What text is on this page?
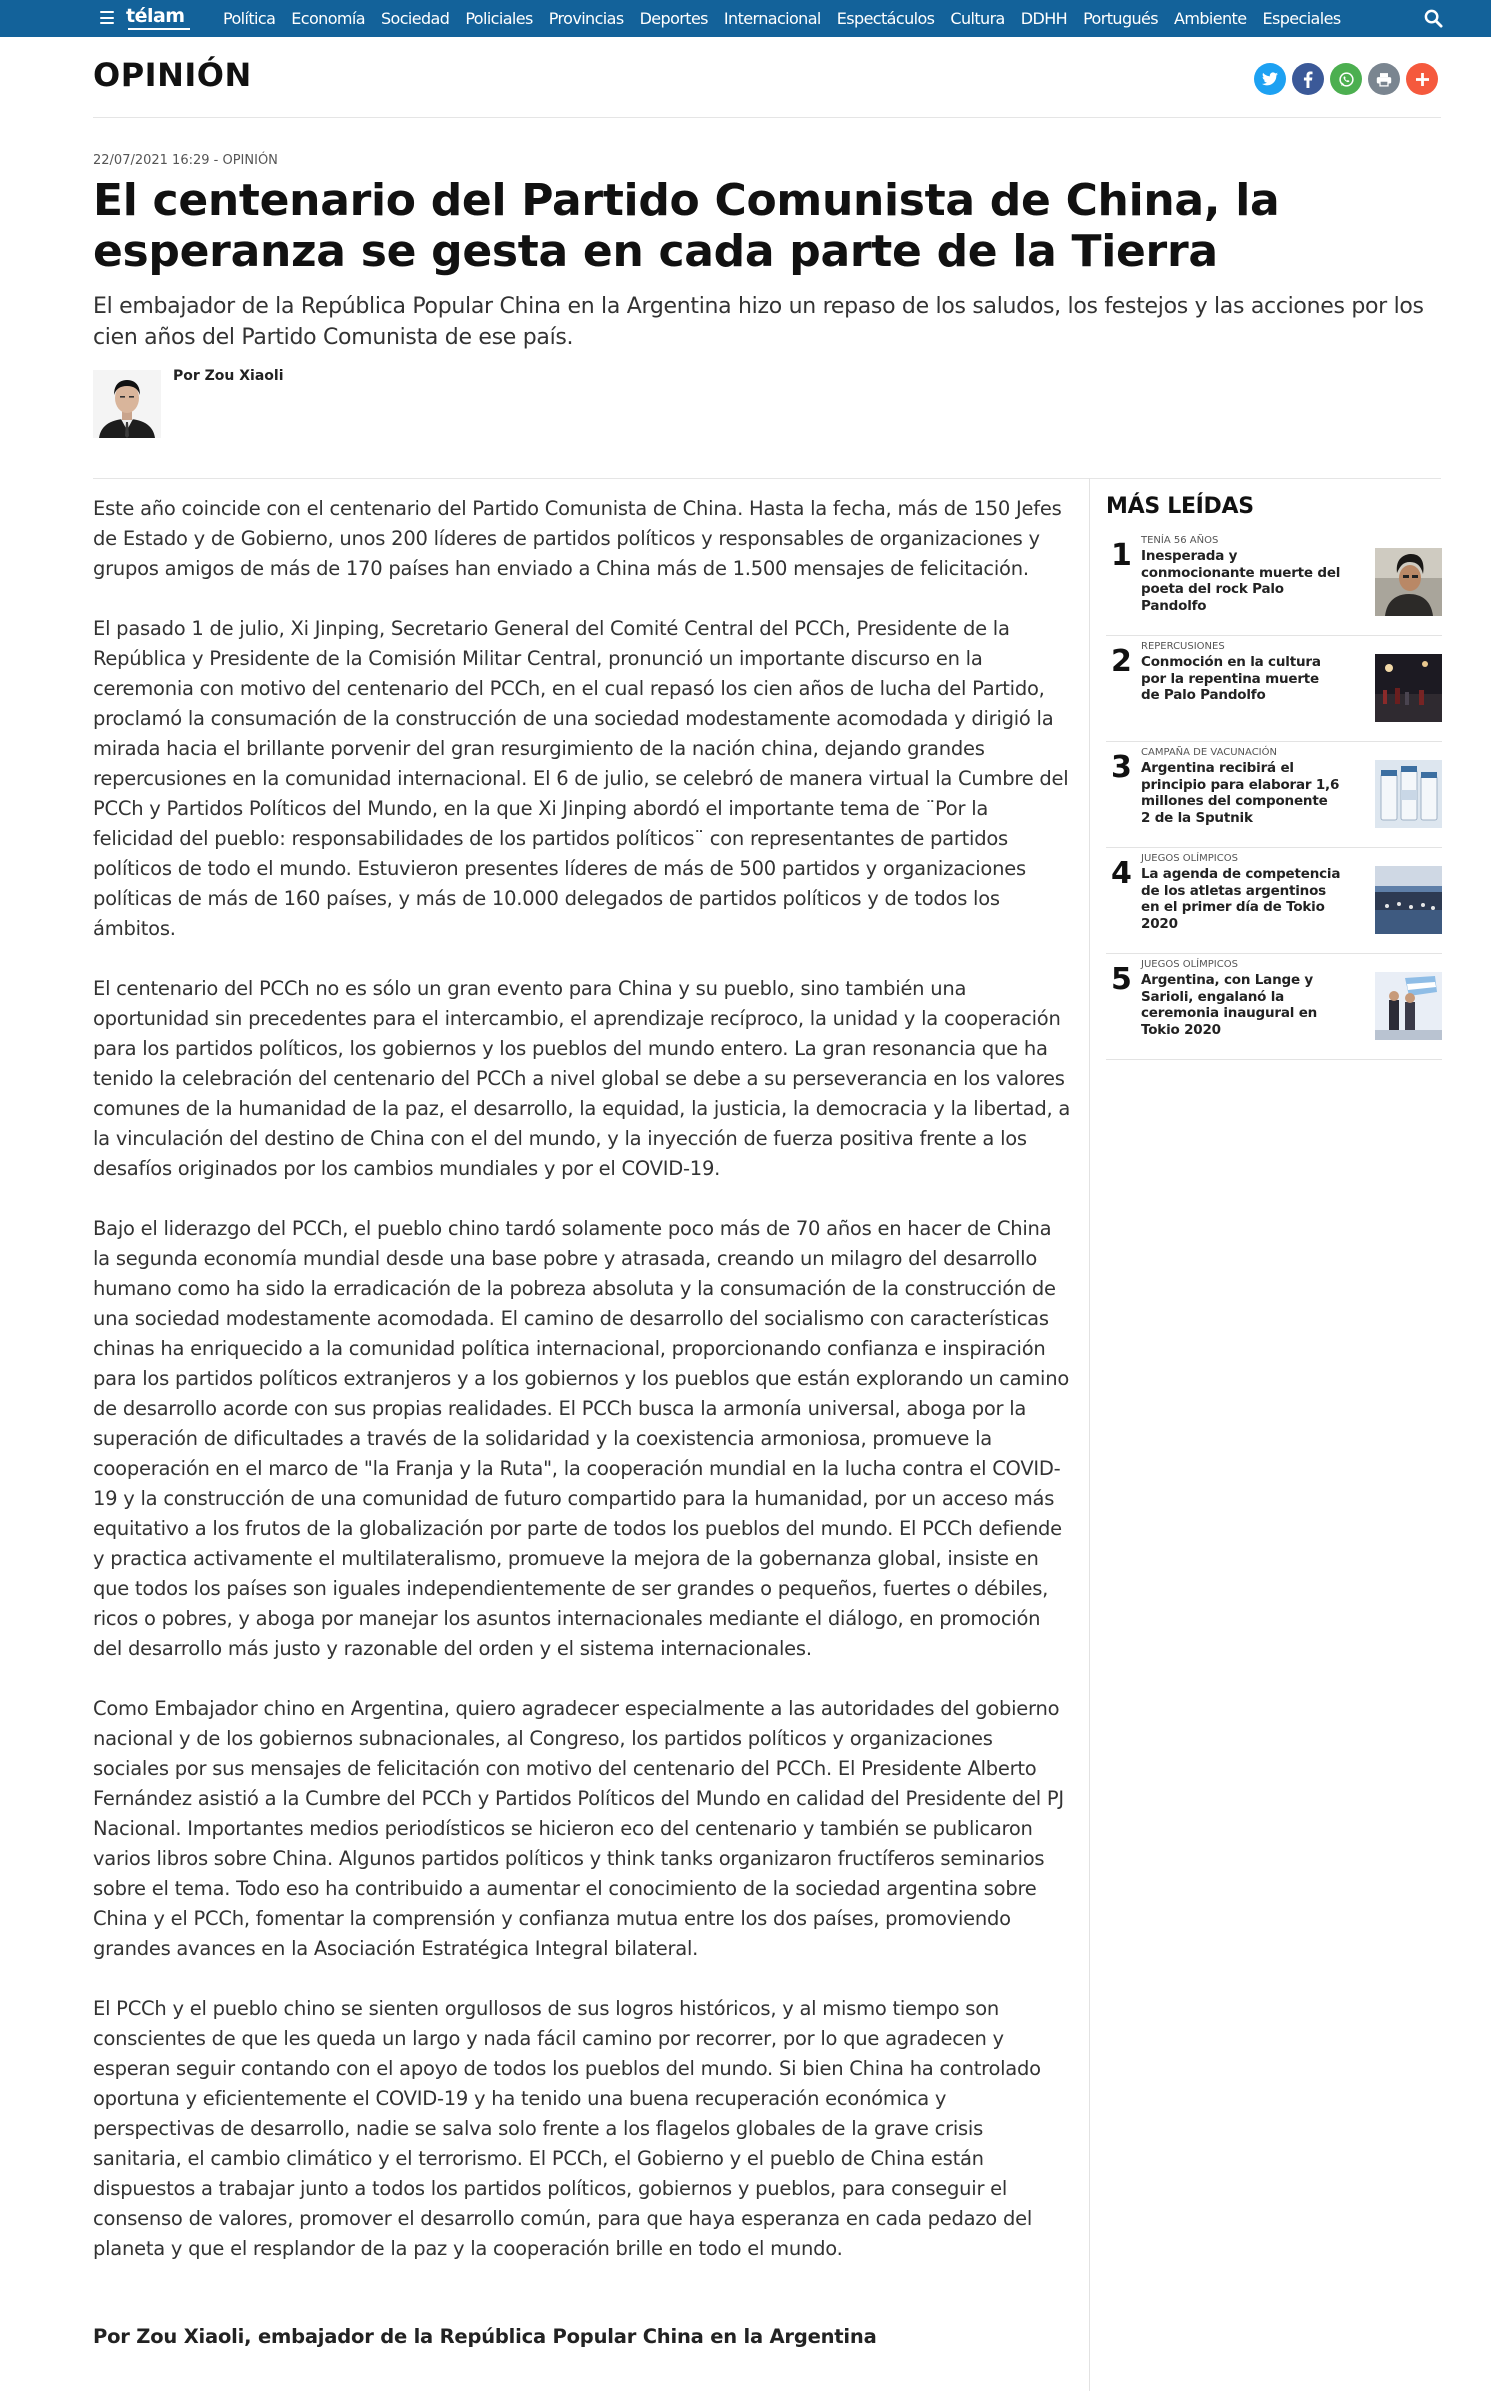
télam Política Economía Sociedad Policiales Provincias Deportes Internacional Espectáculos Cultura DDHH Portugués Ambiente Especiales
OPINIÓN
22/07/2021 16:29 - OPINIÓN
El centenario del Partido Comunista de China, la esperanza se gesta en cada parte de la Tierra

El embajador de la República Popular China en la Argentina hizo un repaso de los saludos, los festejos y las acciones por los cien años del Partido Comunista de ese país.

Por Zou Xiaoli

Este año coincide con el centenario del Partido Comunista de China. Hasta la fecha, más de 150 Jefes de Estado y de Gobierno, unos 200 líderes de partidos políticos y responsables de organizaciones y grupos amigos de más de 170 países han enviado a China más de 1.500 mensajes de felicitación.

El pasado 1 de julio, Xi Jinping, Secretario General del Comité Central del PCCh, Presidente de la República y Presidente de la Comisión Militar Central, pronunció un importante discurso en la ceremonia con motivo del centenario del PCCh, en el cual repasó los cien años de lucha del Partido, proclamó la consumación de la construcción de una sociedad modestamente acomodada y dirigió la mirada hacia el brillante porvenir del gran resurgimiento de la nación china, dejando grandes repercusiones en la comunidad internacional. El 6 de julio, se celebró de manera virtual la Cumbre del PCCh y Partidos Políticos del Mundo, en la que Xi Jinping abordó el importante tema de ¨Por la felicidad del pueblo: responsabilidades de los partidos políticos¨ con representantes de partidos políticos de todo el mundo. Estuvieron presentes líderes de más de 500 partidos y organizaciones políticas de más de 160 países, y más de 10.000 delegados de partidos políticos y de todos los ámbitos.

El centenario del PCCh no es sólo un gran evento para China y su pueblo, sino también una oportunidad sin precedentes para el intercambio, el aprendizaje recíproco, la unidad y la cooperación para los partidos políticos, los gobiernos y los pueblos del mundo entero. La gran resonancia que ha tenido la celebración del centenario del PCCh a nivel global se debe a su perseverancia en los valores comunes de la humanidad de la paz, el desarrollo, la equidad, la justicia, la democracia y la libertad, a la vinculación del destino de China con el del mundo, y la inyección de fuerza positiva frente a los desafíos originados por los cambios mundiales y por el COVID-19.

Bajo el liderazgo del PCCh, el pueblo chino tardó solamente poco más de 70 años en hacer de China la segunda economía mundial desde una base pobre y atrasada, creando un milagro del desarrollo humano como ha sido la erradicación de la pobreza absoluta y la consumación de la construcción de una sociedad modestamente acomodada. El camino de desarrollo del socialismo con características chinas ha enriquecido a la comunidad política internacional, proporcionando confianza e inspiración para los partidos políticos extranjeros y a los gobiernos y los pueblos que están explorando un camino de desarrollo acorde con sus propias realidades. El PCCh busca la armonía universal, aboga por la superación de dificultades a través de la solidaridad y la coexistencia armoniosa, promueve la cooperación en el marco de "la Franja y la Ruta", la cooperación mundial en la lucha contra el COVID-19 y la construcción de una comunidad de futuro compartido para la humanidad, por un acceso más equitativo a los frutos de la globalización por parte de todos los pueblos del mundo. El PCCh defiende y practica activamente el multilateralismo, promueve la mejora de la gobernanza global, insiste en que todos los países son iguales independientemente de ser grandes o pequeños, fuertes o débiles, ricos o pobres, y aboga por manejar los asuntos internacionales mediante el diálogo, en promoción del desarrollo más justo y razonable del orden y el sistema internacionales.

Como Embajador chino en Argentina, quiero agradecer especialmente a las autoridades del gobierno nacional y de los gobiernos subnacionales, al Congreso, los partidos políticos y organizaciones sociales por sus mensajes de felicitación con motivo del centenario del PCCh. El Presidente Alberto Fernández asistió a la Cumbre del PCCh y Partidos Políticos del Mundo en calidad del Presidente del PJ Nacional. Importantes medios periodísticos se hicieron eco del centenario y también se publicaron varios libros sobre China. Algunos partidos políticos y think tanks organizaron fructíferos seminarios sobre el tema. Todo eso ha contribuido a aumentar el conocimiento de la sociedad argentina sobre China y el PCCh, fomentar la comprensión y confianza mutua entre los dos países, promoviendo grandes avances en la Asociación Estratégica Integral bilateral.

El PCCh y el pueblo chino se sienten orgullosos de sus logros históricos, y al mismo tiempo son conscientes de que les queda un largo y nada fácil camino por recorrer, por lo que agradecen y esperan seguir contando con el apoyo de todos los pueblos del mundo. Si bien China ha controlado oportuna y eficientemente el COVID-19 y ha tenido una buena recuperación económica y perspectivas de desarrollo, nadie se salva solo frente a los flagelos globales de la grave crisis sanitaria, el cambio climático y el terrorismo. El PCCh, el Gobierno y el pueblo de China están dispuestos a trabajar junto a todos los partidos políticos, gobiernos y pueblos, para conseguir el consenso de valores, promover el desarrollo común, para que haya esperanza en cada pedazo del planeta y que el resplandor de la paz y la cooperación brille en todo el mundo.

Por Zou Xiaoli, embajador de la República Popular China en la Argentina
MÁS LEÍDAS
1 TENÍA 56 AÑOS
Inesperada y conmocionante muerte del poeta del rock Palo Pandolfo
2 REPERCUSIONES
Conmoción en la cultura por la repentina muerte de Palo Pandolfo
3 CAMPAÑA DE VACUNACIÓN
Argentina recibirá el principio para elaborar 1,6 millones del componente 2 de la Sputnik
4 JUEGOS OLÍMPICOS
La agenda de competencia de los atletas argentinos en el primer día de Tokio 2020
5 JUEGOS OLÍMPICOS
Argentina, con Lange y Sarioli, engalanó la ceremonia inaugural en Tokio 2020
